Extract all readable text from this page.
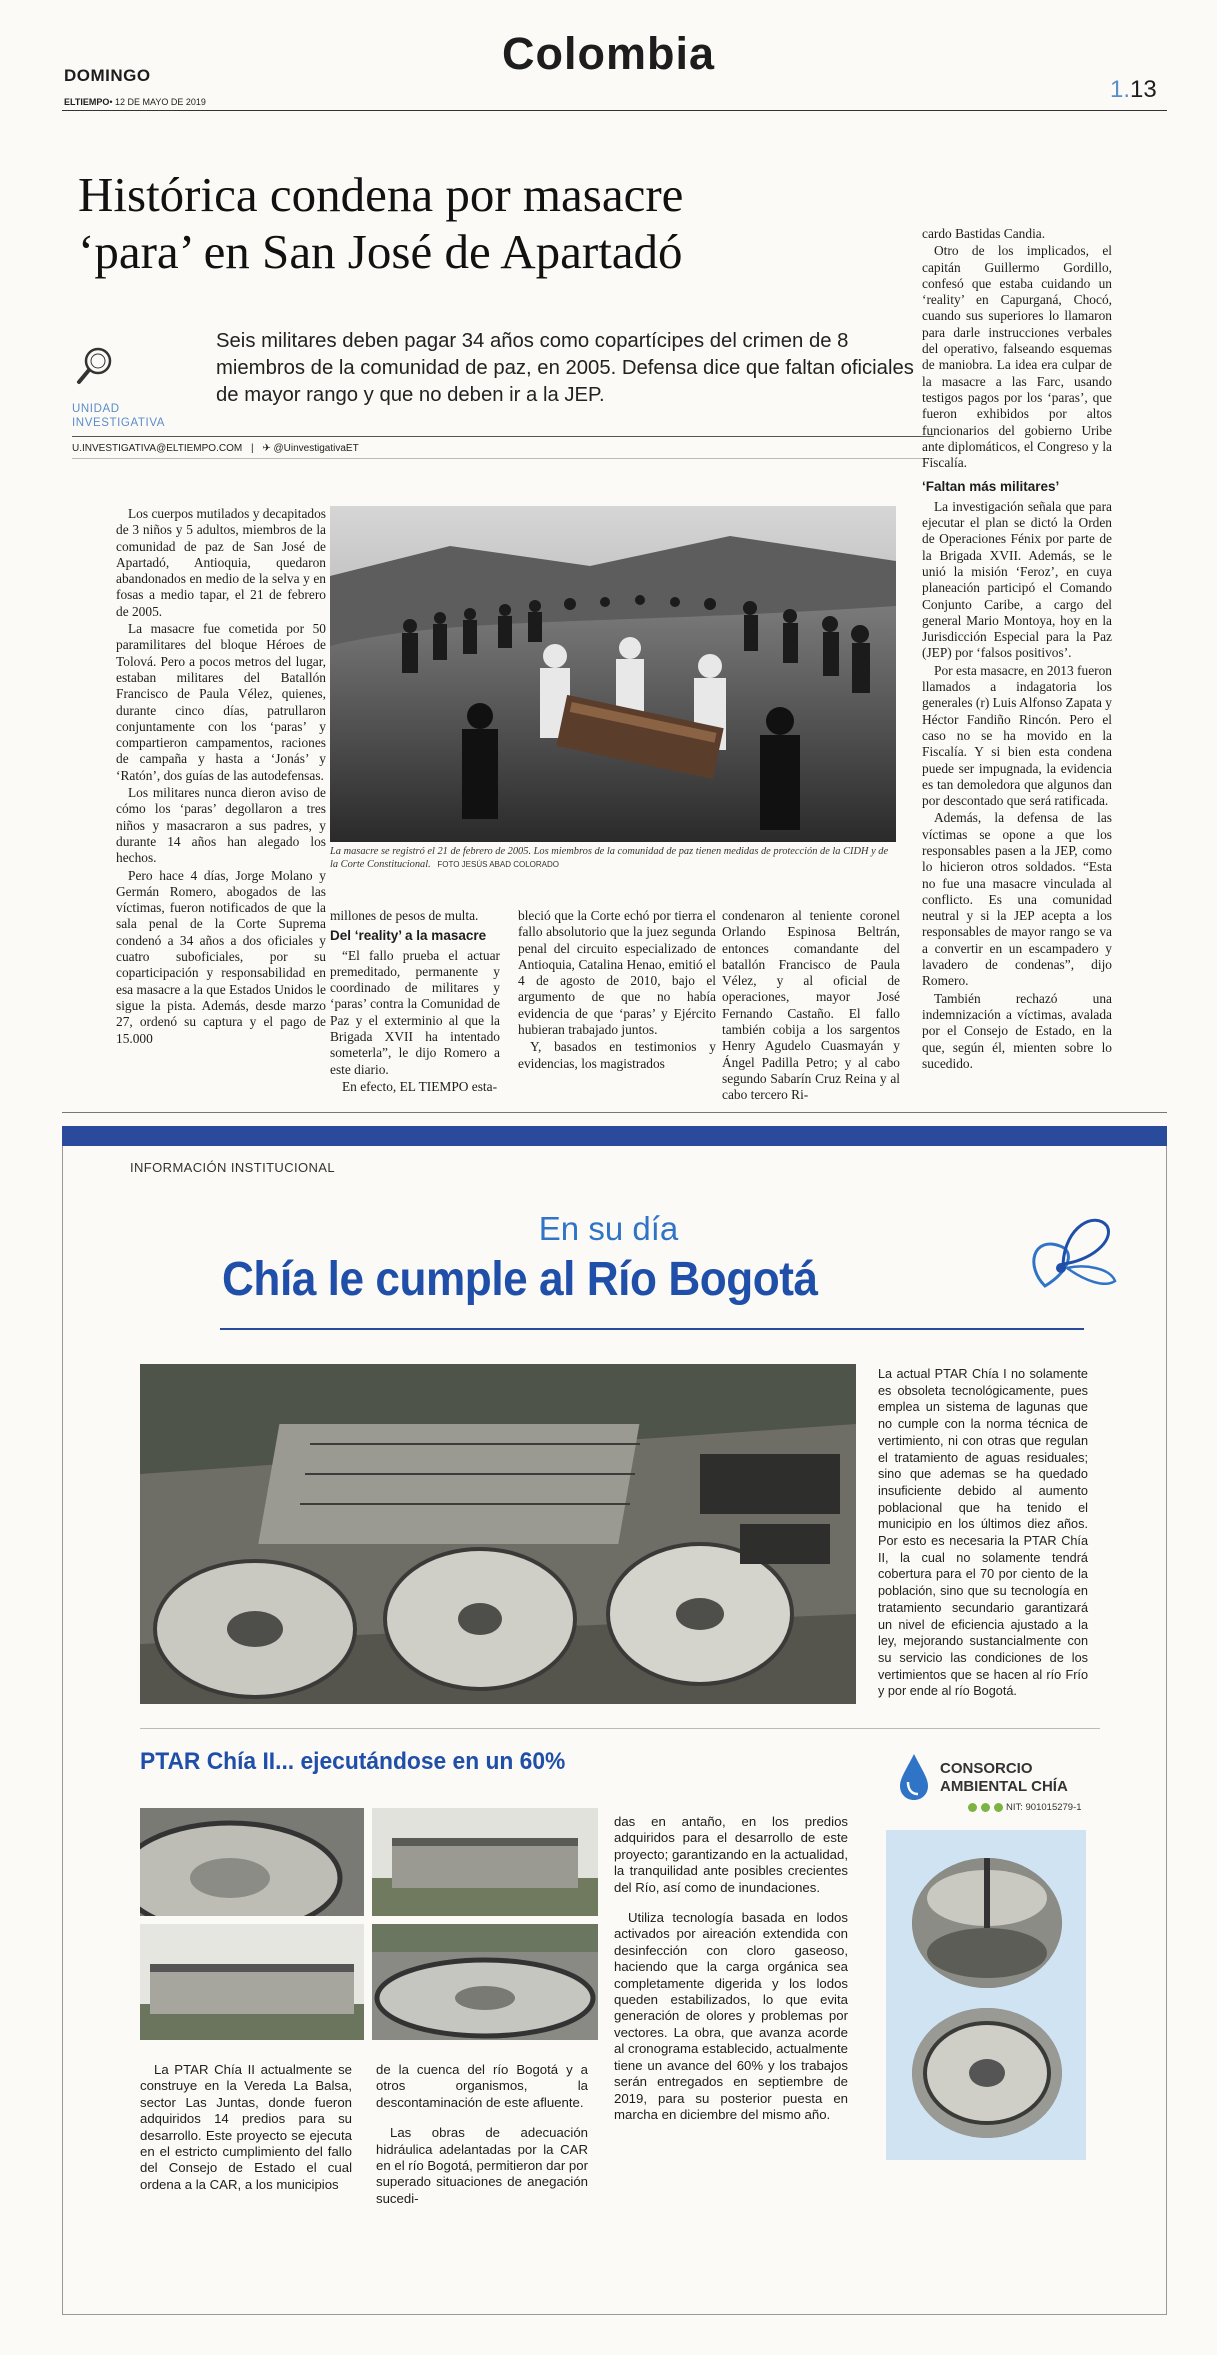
DOMINGO
ELTIEMPO• 12 DE MAYO DE 2019
Colombia
1.13
Histórica condena por masacre
‘para’ en San José de Apartadó
UNIDAD
INVESTIGATIVA
Seis militares deben pagar 34 años como copartícipes del crimen de 8 miembros de la comunidad de paz, en 2005. Defensa dice que faltan oficiales de mayor rango y que no deben ir a la JEP.
U.INVESTIGATIVA@ELTIEMPO.COM | ✈ @UinvestigativaET

Los cuerpos mutilados y decapitados de 3 niños y 5 adultos, miembros de la comunidad de paz de San José de Apartadó, Antioquia, quedaron abandonados en medio de la selva y en fosas a medio tapar, el 21 de febrero de 2005.

La masacre fue cometida por 50 paramilitares del bloque Héroes de Tolová. Pero a pocos metros del lugar, estaban militares del Batallón Francisco de Paula Vélez, quienes, durante cinco días, patrullaron conjuntamente con los ‘paras’ y compartieron campamentos, raciones de campaña y hasta a ‘Jonás’ y ‘Ratón’, dos guías de las autodefensas.

Los militares nunca dieron aviso de cómo los ‘paras’ degollaron a tres niños y masacraron a sus padres, y durante 14 años han alegado los hechos.

Pero hace 4 días, Jorge Molano y Germán Romero, abogados de las víctimas, fueron notificados de que la sala penal de la Corte Suprema condenó a 34 años a dos oficiales y cuatro suboficiales, por su coparticipación y responsabilidad en esa masacre a la que Estados Unidos le sigue la pista. Además, desde marzo 27, ordenó su captura y el pago de 15.000

La masacre se registró el 21 de febrero de 2005. Los miembros de la comunidad de paz tienen medidas de protección de la CIDH y de la Corte Constitucional. FOTO JESÚS ABAD COLORADO

millones de pesos de multa.

Del ‘reality’ a la masacre

“El fallo prueba el actuar premeditado, permanente y coordinado de militares y ‘paras’ contra la Comunidad de Paz y el exterminio al que la Brigada XVII ha intentado someterla”, le dijo Romero a este diario.

En efecto, EL TIEMPO esta-

bleció que la Corte echó por tierra el fallo absolutorio que la juez segunda penal del circuito especializado de Antioquia, Catalina Henao, emitió el 4 de agosto de 2010, bajo el argumento de que no había evidencia de que ‘paras’ y Ejército hubieran trabajado juntos.

Y, basados en testimonios y evidencias, los magistrados

condenaron al teniente coronel Orlando Espinosa Beltrán, entonces comandante del batallón Francisco de Paula Vélez, y al oficial de operaciones, mayor José Fernando Castaño. El fallo también cobija a los sargentos Henry Agudelo Cuasmayán y Ángel Padilla Petro; y al cabo segundo Sabarín Cruz Reina y al cabo tercero Ri-

cardo Bastidas Candia.

Otro de los implicados, el capitán Guillermo Gordillo, confesó que estaba cuidando un ‘reality’ en Capurganá, Chocó, cuando sus superiores lo llamaron para darle instrucciones verbales del operativo, falseando esquemas de maniobra. La idea era culpar de la masacre a las Farc, usando testigos pagos por los ‘paras’, que fueron exhibidos por altos funcionarios del gobierno Uribe ante diplomáticos, el Congreso y la Fiscalía.

‘Faltan más militares’

La investigación señala que para ejecutar el plan se dictó la Orden de Operaciones Fénix por parte de la Brigada XVII. Además, se le unió la misión ‘Feroz’, en cuya planeación participó el Comando Conjunto Caribe, a cargo del general Mario Montoya, hoy en la Jurisdicción Especial para la Paz (JEP) por ‘falsos positivos’.

Por esta masacre, en 2013 fueron llamados a indagatoria los generales (r) Luis Alfonso Zapata y Héctor Fandiño Rincón. Pero el caso no se ha movido en la Fiscalía. Y si bien esta condena puede ser impugnada, la evidencia es tan demoledora que algunos dan por descontado que será ratificada.

Además, la defensa de las víctimas se opone a que los responsables pasen a la JEP, como lo hicieron otros soldados. “Esta no fue una masacre vinculada al conflicto. Es una comunidad neutral y si la JEP acepta a los responsables de mayor rango se va a convertir en un escampadero y lavadero de condenas”, dijo Romero.

También rechazó una indemnización a víctimas, avalada por el Consejo de Estado, en la que, según él, mienten sobre lo sucedido.

INFORMACIÓN INSTITUCIONAL
En su día
Chía le cumple al Río Bogotá
La actual PTAR Chía I no solamente es obsoleta tecnológicamente, pues emplea un sistema de lagunas que no cumple con la norma técnica de vertimiento, ni con otras que regulan el tratamiento de aguas residuales; sino que ademas se ha quedado insuficiente debido al aumento poblacional que ha tenido el municipio en los últimos diez años. Por esto es necesaria la PTAR Chía II, la cual no solamente tendrá cobertura para el 70 por ciento de la población, sino que su tecnología en tratamiento secundario garantizará un nivel de eficiencia ajustado a la ley, mejorando sustancialmente con su servicio las condiciones de los vertimientos que se hacen al río Frío y por ende al río Bogotá.
PTAR Chía II... ejecutándose en un 60%

La PTAR Chía II actualmente se construye en la Vereda La Balsa, sector Las Juntas, donde fueron adquiridos 14 predios para su desarrollo. Este proyecto se ejecuta en el estricto cumplimiento del fallo del Consejo de Estado el cual ordena a la CAR, a los municipios

de la cuenca del río Bogotá y a otros organismos, la descontaminación de este afluente.

Las obras de adecuación hidráulica adelantadas por la CAR en el río Bogotá, permitieron dar por superado situaciones de anegación sucedi-

das en antaño, en los predios adquiridos para el desarrollo de este proyecto; garantizando en la actualidad, la tranquilidad ante posibles crecientes del Río, así como de inundaciones.

Utiliza tecnología basada en lodos activados por aireación extendida con desinfección con cloro gaseoso, haciendo que la carga orgánica sea completamente digerida y los lodos queden estabilizados, lo que evita generación de olores y problemas por vectores. La obra, que avanza acorde al cronograma establecido, actualmente tiene un avance del 60% y los trabajos serán entregados en septiembre de 2019, para su posterior puesta en marcha en diciembre del mismo año.

CONSORCIO
AMBIENTAL CHÍA
NIT: 901015279-1
